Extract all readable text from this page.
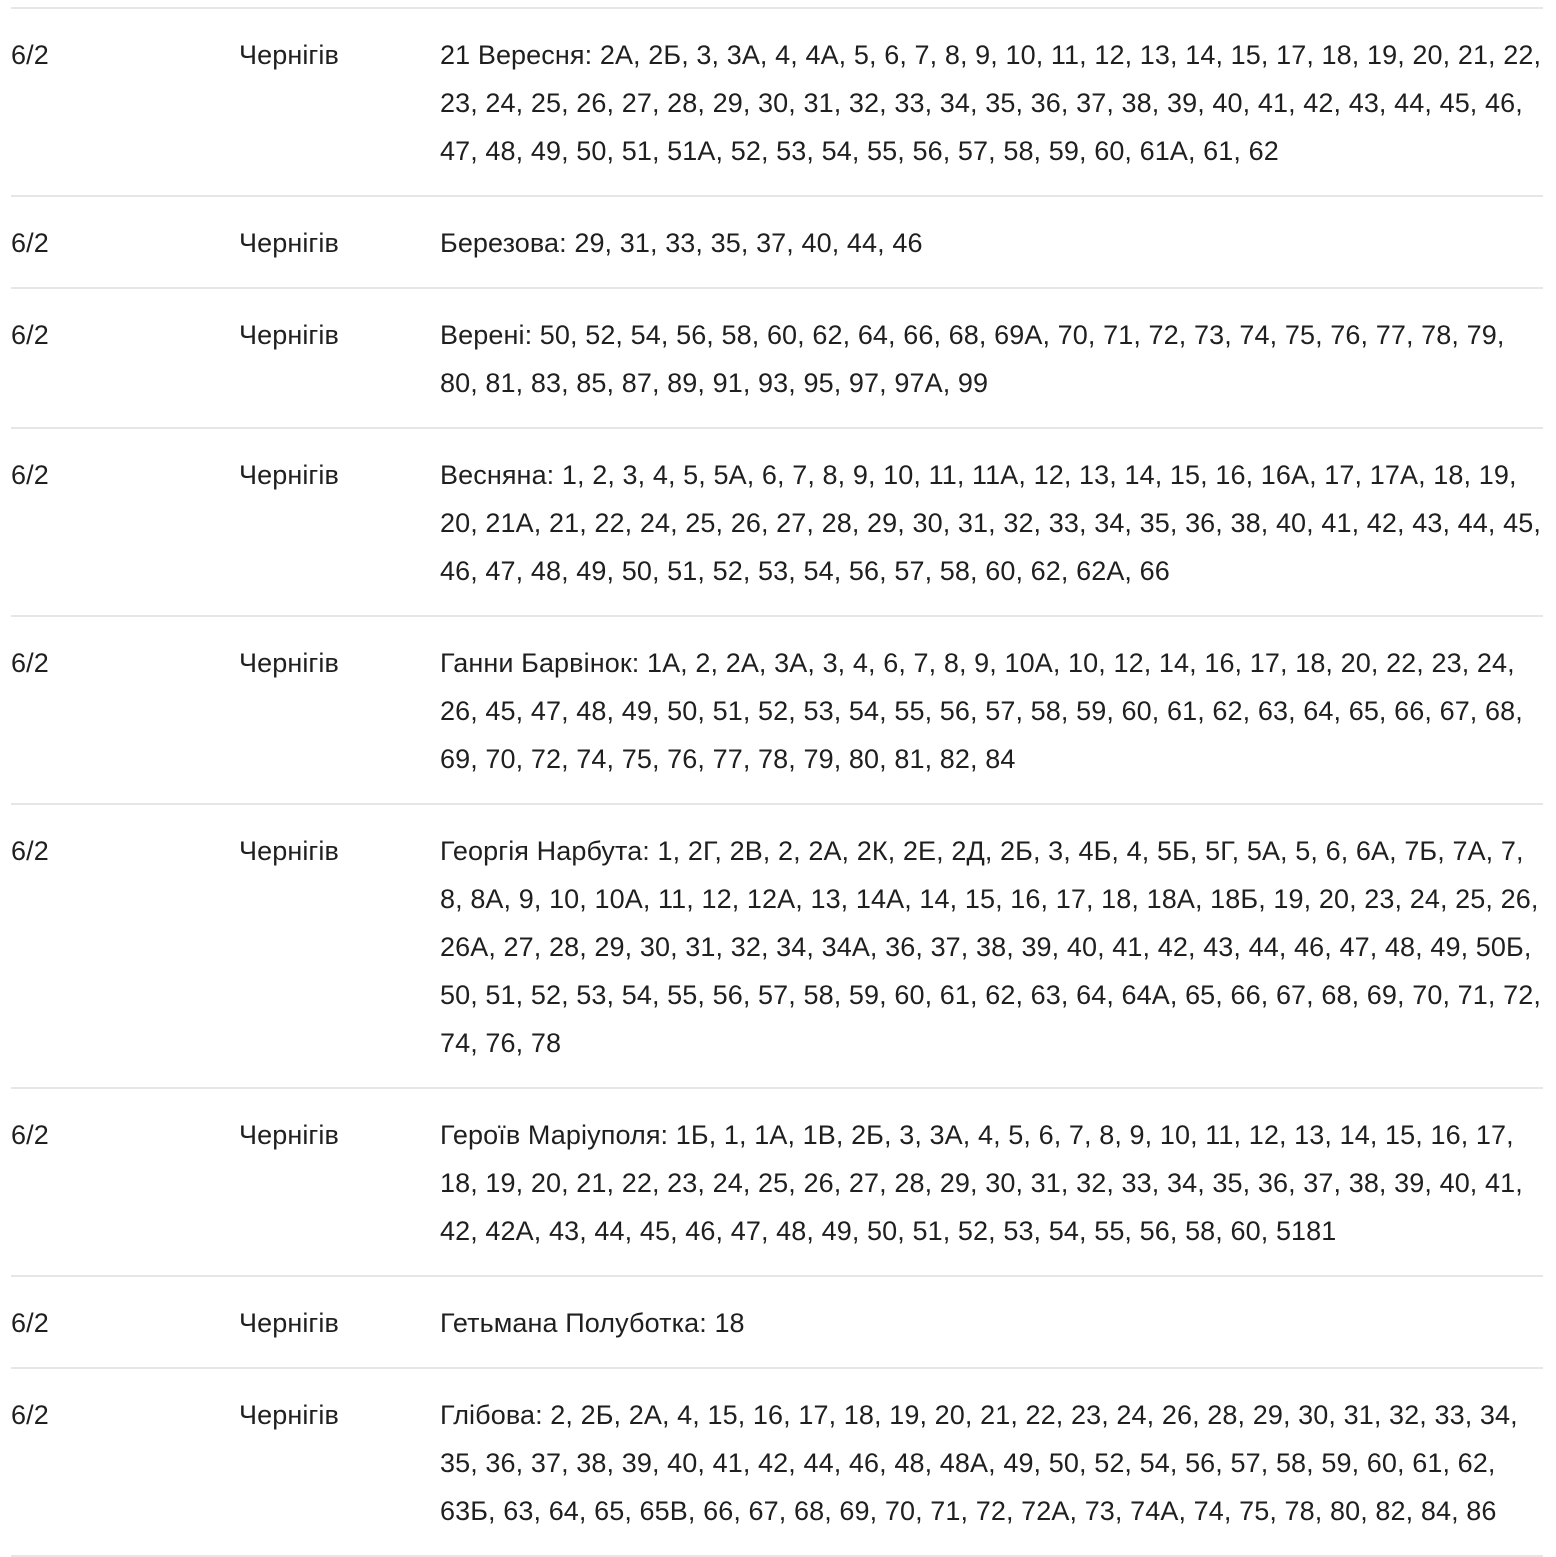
6/2	Чернігів	21 Вересня: 2А, 2Б, 3, 3А, 4, 4А, 5, 6, 7, 8, 9, 10, 11, 12, 13, 14, 15, 17, 18, 19, 20, 21, 22, 23, 24, 25, 26, 27, 28, 29, 30, 31, 32, 33, 34, 35, 36, 37, 38, 39, 40, 41, 42, 43, 44, 45, 46, 47, 48, 49, 50, 51, 51А, 52, 53, 54, 55, 56, 57, 58, 59, 60, 61А, 61, 62
6/2	Чернігів	Березова: 29, 31, 33, 35, 37, 40, 44, 46
6/2	Чернігів	Верені: 50, 52, 54, 56, 58, 60, 62, 64, 66, 68, 69А, 70, 71, 72, 73, 74, 75, 76, 77, 78, 79, 80, 81, 83, 85, 87, 89, 91, 93, 95, 97, 97А, 99
6/2	Чернігів	Весняна: 1, 2, 3, 4, 5, 5А, 6, 7, 8, 9, 10, 11, 11А, 12, 13, 14, 15, 16, 16А, 17, 17А, 18, 19, 20, 21А, 21, 22, 24, 25, 26, 27, 28, 29, 30, 31, 32, 33, 34, 35, 36, 38, 40, 41, 42, 43, 44, 45, 46, 47, 48, 49, 50, 51, 52, 53, 54, 56, 57, 58, 60, 62, 62А, 66
6/2	Чернігів	Ганни Барвінок: 1А, 2, 2А, 3А, 3, 4, 6, 7, 8, 9, 10А, 10, 12, 14, 16, 17, 18, 20, 22, 23, 24, 26, 45, 47, 48, 49, 50, 51, 52, 53, 54, 55, 56, 57, 58, 59, 60, 61, 62, 63, 64, 65, 66, 67, 68, 69, 70, 72, 74, 75, 76, 77, 78, 79, 80, 81, 82, 84
6/2	Чернігів	Георгія Нарбута: 1, 2Г, 2В, 2, 2А, 2К, 2Е, 2Д, 2Б, 3, 4Б, 4, 5Б, 5Г, 5А, 5, 6, 6А, 7Б, 7А, 7, 8, 8А, 9, 10, 10А, 11, 12, 12А, 13, 14А, 14, 15, 16, 17, 18, 18А, 18Б, 19, 20, 23, 24, 25, 26, 26А, 27, 28, 29, 30, 31, 32, 34, 34А, 36, 37, 38, 39, 40, 41, 42, 43, 44, 46, 47, 48, 49, 50Б, 50, 51, 52, 53, 54, 55, 56, 57, 58, 59, 60, 61, 62, 63, 64, 64А, 65, 66, 67, 68, 69, 70, 71, 72, 74, 76, 78
6/2	Чернігів	Героїв Маріуполя: 1Б, 1, 1А, 1В, 2Б, 3, 3А, 4, 5, 6, 7, 8, 9, 10, 11, 12, 13, 14, 15, 16, 17, 18, 19, 20, 21, 22, 23, 24, 25, 26, 27, 28, 29, 30, 31, 32, 33, 34, 35, 36, 37, 38, 39, 40, 41, 42, 42А, 43, 44, 45, 46, 47, 48, 49, 50, 51, 52, 53, 54, 55, 56, 58, 60, 5181
6/2	Чернігів	Гетьмана Полуботка: 18
6/2	Чернігів	Глібова: 2, 2Б, 2А, 4, 15, 16, 17, 18, 19, 20, 21, 22, 23, 24, 26, 28, 29, 30, 31, 32, 33, 34, 35, 36, 37, 38, 39, 40, 41, 42, 44, 46, 48, 48А, 49, 50, 52, 54, 56, 57, 58, 59, 60, 61, 62, 63Б, 63, 64, 65, 65В, 66, 67, 68, 69, 70, 71, 72, 72А, 73, 74А, 74, 75, 78, 80, 82, 84, 86
